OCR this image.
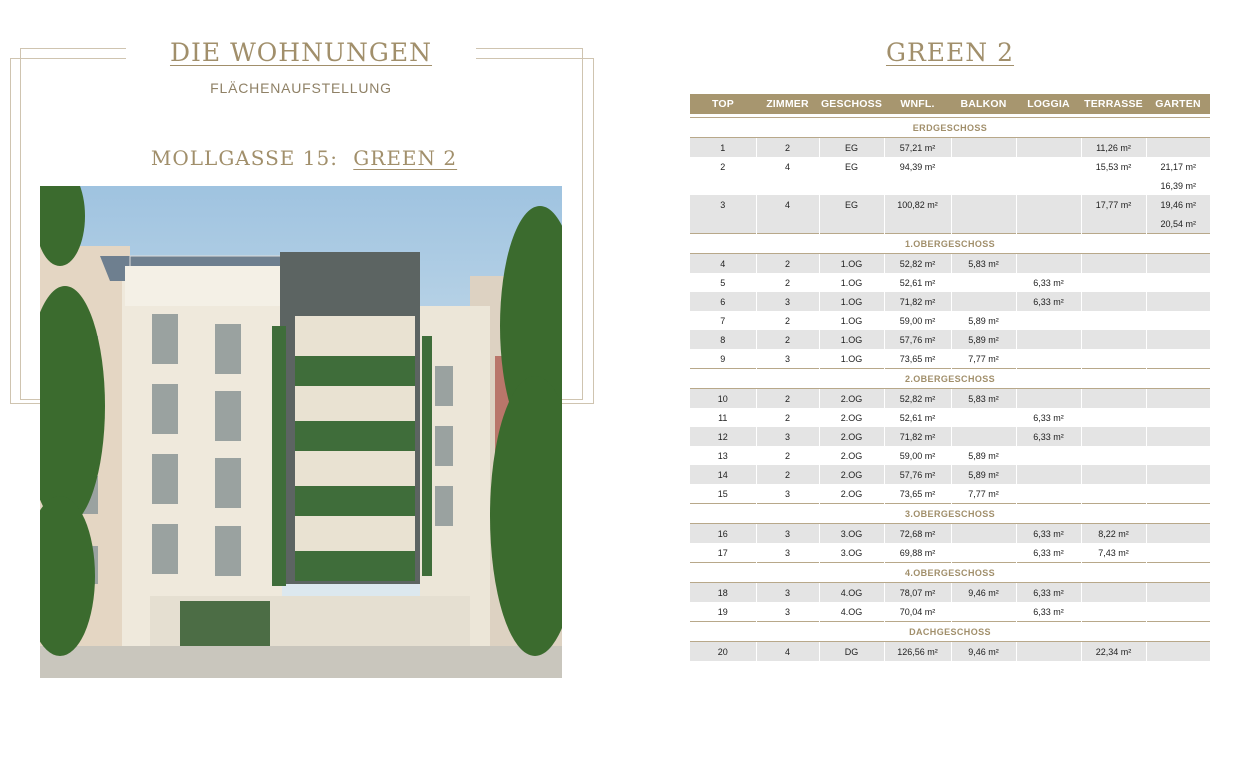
DIE WOHNUNGEN
FLÄCHENAUFSTELLUNG
MOLLGASSE 15: GREEN 2
GREEN 2
TOP	ZIMMER	GESCHOSS	WNFL.	BALKON	LOGGIA	TERRASSE	GARTEN

ERDGESCHOSS							
1	2	EG	57,21 m²			11,26 m²	
2	4	EG	94,39 m²			15,53 m²	21,17 m²
							16,39 m²
3	4	EG	100,82 m²			17,77 m²	19,46 m²
							20,54 m²
1.OBERGESCHOSS							
4	2	1.OG	52,82 m²	5,83 m²			
5	2	1.OG	52,61 m²		6,33 m²		
6	3	1.OG	71,82 m²		6,33 m²		
7	2	1.OG	59,00 m²	5,89 m²			
8	2	1.OG	57,76 m²	5,89 m²			
9	3	1.OG	73,65 m²	7,77 m²			
2.OBERGESCHOSS							
10	2	2.OG	52,82 m²	5,83 m²			
11	2	2.OG	52,61 m²		6,33 m²		
12	3	2.OG	71,82 m²		6,33 m²		
13	2	2.OG	59,00 m²	5,89 m²			
14	2	2.OG	57,76 m²	5,89 m²			
15	3	2.OG	73,65 m²	7,77 m²			
3.OBERGESCHOSS							
16	3	3.OG	72,68 m²		6,33 m²	8,22 m²	
17	3	3.OG	69,88 m²		6,33 m²	7,43 m²	
4.OBERGESCHOSS							
18	3	4.OG	78,07 m²	9,46 m²	6,33 m²		
19	3	4.OG	70,04 m²		6,33 m²		
DACHGESCHOSS							
20	4	DG	126,56 m²	9,46 m²		22,34 m²	
